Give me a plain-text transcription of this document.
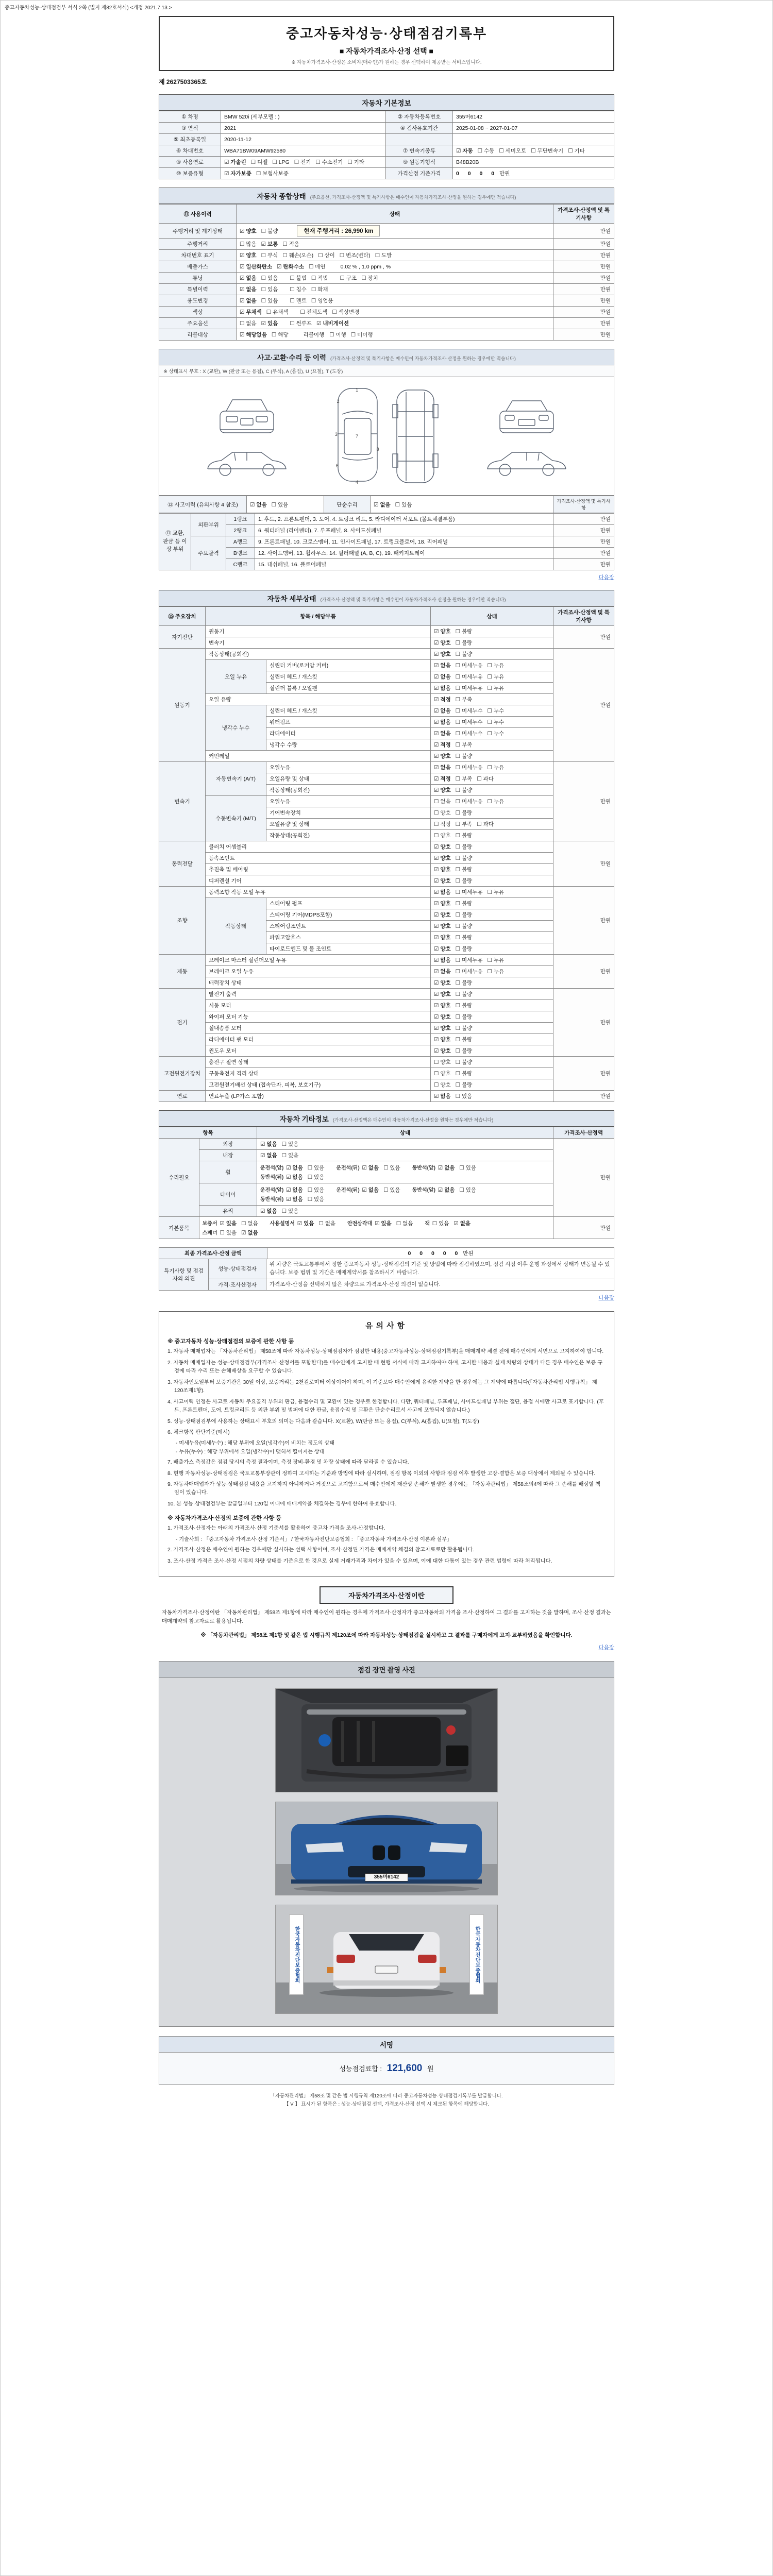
중고자동차성능·상태점검부 서식 2쪽 (별지 제82호서식) <개정 2021.7.13.>
중고자동차성능·상태점검기록부
■ 자동차가격조사·산정 선택 ■
※ 자동차가격조사·산정은 소비자(매수인)가 원하는 경우 선택하여 제공받는 서비스입니다.
제 2627503365호
자동차 기본정보
① 차명	BMW 520i (세부모델 : )	② 자동차등록번호	355머6142
③ 연식	2021	④ 검사유효기간	2025-01-08 ~ 2027-01-07
⑤ 최초등록일	2020-11-12		
⑥ 차대번호	WBA71BW09AMW92580	⑦ 변속기종류	☑ 자동 ☐ 수동 ☐ 세미오토 ☐ 무단변속기 ☐ 기타
⑧ 사용연료	☑ 가솔린 ☐ 디젤 ☐ LPG ☐ 전기 ☐ 수소전기 ☐ 기타	⑨ 원동기형식	B48B20B
⑩ 보증유형	☑ 자가보증 ☐ 보험사보증	가격산정 기준가격	0 0 0 0 만원
자동차 종합상태 (주요옵션, 가격조사·산정액 및 특기사항은 매수인이 자동차가격조사·산정을 원하는 경우에만 적습니다)
⑪ 사용이력	상태	가격조사·산정액 및 특기사항
주행거리 및 계기상태	☑ 양호 ☐ 불량 현재 주행거리 : 26,990 km	만원
주행거리	☐ 많음 ☑ 보통 ☐ 적음	만원
차대번호 표기	☑ 양호 ☐ 부식 ☐ 훼손(오손) ☐ 상이 ☐ 변조(변타) ☐ 도말	만원
배출가스	☑ 일산화탄소 ☑ 탄화수소 ☐ 매연 0.02 % , 1.0 ppm , %	만원
튜닝	☑ 없음 ☐ 있음 ☐ 불법 ☐ 적법 ☐ 구조 ☐ 장치	만원
특별이력	☑ 없음 ☐ 있음 ☐ 침수 ☐ 화재	만원
용도변경	☑ 없음 ☐ 있음 ☐ 렌트 ☐ 영업용	만원
색상	☑ 무채색 ☐ 유채색 ☐ 전체도색 ☐ 색상변경	만원
주요옵션	☐ 없음 ☑ 있음 ☐ 썬루프 ☑ 내비게이션	만원
리콜대상	☑ 해당없음 ☐ 해당 리콜이행 ☐ 이행 ☐ 미이행	만원
사고·교환·수리 등 이력 (가격조사·산정액 및 특기사항은 매수인이 자동차가격조사·산정을 원하는 경우에만 적습니다)
※ 상태표시 부호 : X (교환), W (판금 또는 용접), C (부식), A (흠집), U (요철), T (도장)
1
2
3
4
6
7
8
⑫ 사고이력 (유의사항 4 참조)	☑ 없음 ☐ 있음	단순수리	☑ 없음 ☐ 있음	가격조사·산정액 및 특기사항
⑬ 교환, 판금 등 이상 부위	외판부위	1랭크	1. 후드, 2. 프론트펜더, 3. 도어, 4. 트렁크 리드, 5. 라디에이터 서포트 (볼트체결부품)	만원
		2랭크	6. 쿼터패널 (리어펜더), 7. 루프패널, 8. 사이드실패널	만원
	주요골격	A랭크	9. 프론트패널, 10. 크로스멤버, 11. 인사이드패널, 17. 트렁크플로어, 18. 리어패널	만원
		B랭크	12. 사이드멤버, 13. 휠하우스, 14. 필러패널 (A, B, C), 19. 패키지트레이	만원
		C랭크	15. 대쉬패널, 16. 플로어패널	만원
다음장
자동차 세부상태 (가격조사·산정액 및 특기사항은 매수인이 자동차가격조사·산정을 원하는 경우에만 적습니다)
⑮ 주요장치	항목 / 해당부품		상태	가격조사·산정액 및 특기사항
자기진단	원동기		☑ 양호 ☐ 불량	만원
	변속기		☑ 양호 ☐ 불량	
원동기	작동상태(공회전)		☑ 양호 ☐ 불량	만원
	오일 누유	실린더 커버(로커암 커버)	☑ 없음 ☐ 미세누유 ☐ 누유	
		실린더 헤드 / 개스킷	☑ 없음 ☐ 미세누유 ☐ 누유	
		실린더 블록 / 오일팬	☑ 없음 ☐ 미세누유 ☐ 누유	
	오일 유량		☑ 적정 ☐ 부족	
	냉각수 누수	실린더 헤드 / 개스킷	☑ 없음 ☐ 미세누수 ☐ 누수	
		워터펌프	☑ 없음 ☐ 미세누수 ☐ 누수	
		라디에이터	☑ 없음 ☐ 미세누수 ☐ 누수	
		냉각수 수량	☑ 적정 ☐ 부족	
	커먼레일		☑ 양호 ☐ 불량	
변속기	자동변속기 (A/T)	오일누유	☑ 없음 ☐ 미세누유 ☐ 누유	만원
		오일유량 및 상태	☑ 적정 ☐ 부족 ☐ 과다	
		작동상태(공회전)	☑ 양호 ☐ 불량	
	수동변속기 (M/T)	오일누유	☐ 없음 ☐ 미세누유 ☐ 누유	
		기어변속장치	☐ 양호 ☐ 불량	
		오일유량 및 상태	☐ 적정 ☐ 부족 ☐ 과다	
		작동상태(공회전)	☐ 양호 ☐ 불량	
동력전달	클러치 어셈블리		☑ 양호 ☐ 불량	만원
	등속조인트		☑ 양호 ☐ 불량	
	추진축 및 베어링		☑ 양호 ☐ 불량	
	디퍼렌셜 기어		☑ 양호 ☐ 불량	
조향	동력조향 작동 오일 누유		☑ 없음 ☐ 미세누유 ☐ 누유	만원
	작동상태	스티어링 펌프	☑ 양호 ☐ 불량	
		스티어링 기어(MDPS포함)	☑ 양호 ☐ 불량	
		스티어링조인트	☑ 양호 ☐ 불량	
		파워고압호스	☑ 양호 ☐ 불량	
		타이로드엔드 및 볼 조인트	☑ 양호 ☐ 불량	
제동	브레이크 마스터 실린더오일 누유		☑ 없음 ☐ 미세누유 ☐ 누유	만원
	브레이크 오일 누유		☑ 없음 ☐ 미세누유 ☐ 누유	
	배력장치 상태		☑ 양호 ☐ 불량	
전기	발전기 출력		☑ 양호 ☐ 불량	만원
	시동 모터		☑ 양호 ☐ 불량	
	와이퍼 모터 기능		☑ 양호 ☐ 불량	
	실내송풍 모터		☑ 양호 ☐ 불량	
	라디에이터 팬 모터		☑ 양호 ☐ 불량	
	윈도우 모터		☑ 양호 ☐ 불량	
고전원전기장치	충전구 절연 상태		☐ 양호 ☐ 불량	만원
	구동축전지 격리 상태		☐ 양호 ☐ 불량	
	고전원전기배선 상태 (접속단자, 피복, 보호기구)		☐ 양호 ☐ 불량	
연료	연료누출 (LP가스 포함)		☑ 없음 ☐ 있음	만원
자동차 기타정보 (가격조사·산정액은 매수인이 자동차가격조사·산정을 원하는 경우에만 적습니다)
항목		상태	가격조사·산정액
수리필요	외장	☑ 없음 ☐ 있음	만원
	내장	☑ 없음 ☐ 있음	
	휠	운전석(앞) ☑ 없음 ☐ 있음 운전석(뒤) ☑ 없음 ☐ 있음 동반석(앞) ☑ 없음 ☐ 있음동반석(뒤) ☑ 없음 ☐ 있음	
	타이어	운전석(앞) ☑ 없음 ☐ 있음 운전석(뒤) ☑ 없음 ☐ 있음 동반석(앞) ☑ 없음 ☐ 있음동반석(뒤) ☑ 없음 ☐ 있음	
	유리	☑ 없음 ☐ 있음	
기본품목	보증서 ☑ 있음 ☐ 없음 사용설명서 ☑ 있음 ☐ 없음 안전삼각대 ☑ 있음 ☐ 없음 잭 ☐ 있음 ☑ 없음스패너 ☐ 있음 ☑ 없음		만원
최종 가격조사·산정 금액	0 0 0 0 0 만원
특기사항 및 점검자의 의견	성능·상태점검자	위 차량은 국토교통부에서 정한 중고자동차 성능·상태점검의 기준 및 방법에 따라 점검하였으며, 점검 시점 이후 운행 과정에서 상태가 변동될 수 있습니다. 보증 범위 및 기간은 매매계약서를 참조하시기 바랍니다.
	가격·조사산정자	가격조사·산정을 선택하지 않은 차량으로 가격조사·산정 의견이 없습니다.
다음장
유의사항
※ 중고자동차 성능·상태점검의 보증에 관한 사항 등

1. 자동차 매매업자는 「자동차관리법」 제58조에 따라 자동차성능·상태점검자가 점검한 내용(중고자동차성능·상태점검기록부)을 매매계약 체결 전에 매수인에게 서면으로 고지하여야 합니다.

2. 자동차 매매업자는 성능·상태점검부(가격조사·산정서를 포함한다)를 매수인에게 고지할 때 현행 서식에 따라 고지하여야 하며, 고지한 내용과 실제 차량의 상태가 다른 경우 매수인은 보증 규정에 따라 수리 또는 손해배상을 요구할 수 있습니다.

3. 자동차인도일부터 보증기간은 30일 이상, 보증거리는 2천킬로미터 이상이어야 하며, 이 기준보다 매수인에게 유리한 계약을 한 경우에는 그 계약에 따릅니다(「자동차관리법 시행규칙」 제120조제1항).

4. 사고이력 인정은 사고로 자동차 주요골격 부위의 판금, 용접수리 및 교환이 있는 경우로 한정합니다. 다만, 쿼터패널, 루프패널, 사이드실패널 부위는 절단, 용접 시에만 사고로 표기합니다. (후드, 프론트펜더, 도어, 트렁크리드 등 외판 부위 및 범퍼에 대한 판금, 용접수리 및 교환은 단순수리로서 사고에 포함되지 않습니다.)

5. 성능·상태점검부에 사용하는 상태표시 부호의 의미는 다음과 같습니다. X(교환), W(판금 또는 용접), C(부식), A(흠집), U(요철), T(도장)

6. 체크항목 판단기준(예시)

- 미세누유(미세누수) : 해당 부위에 오일(냉각수)이 비치는 정도의 상태

- 누유(누수) : 해당 부위에서 오일(냉각수)이 맺혀서 떨어지는 상태

7. 배출가스 측정값은 점검 당시의 측정 결과이며, 측정 장비·환경 및 차량 상태에 따라 달라질 수 있습니다.

8. 현행 자동차성능·상태점검은 국토교통부장관이 정하여 고시하는 기준과 방법에 따라 실시하며, 점검 항목 이외의 사항과 점검 이후 발생한 고장·결함은 보증 대상에서 제외될 수 있습니다.

9. 자동차매매업자가 성능·상태점검 내용을 고지하지 아니하거나 거짓으로 고지함으로써 매수인에게 재산상 손해가 발생한 경우에는 「자동차관리법」 제58조의4에 따라 그 손해를 배상할 책임이 있습니다.

10. 본 성능·상태점검부는 발급일부터 120일 이내에 매매계약을 체결하는 경우에 한하여 유효합니다.

※ 자동차가격조사·산정의 보증에 관한 사항 등

1. 가격조사·산정자는 아래의 가격조사·산정 기준서를 활용하여 중고차 가격을 조사·산정합니다.

- 기술사회 : 「중고자동차 가격조사·산정 기준서」 / 한국자동차진단보증협회 : 「중고자동차 가격조사·산정 이론과 실무」

2. 가격조사·산정은 매수인이 원하는 경우에만 실시하는 선택 사항이며, 조사·산정된 가격은 매매계약 체결의 참고자료로만 활용됩니다.

3. 조사·산정 가격은 조사·산정 시점의 차량 상태를 기준으로 한 것으로 실제 거래가격과 차이가 있을 수 있으며, 이에 대한 다툼이 있는 경우 관련 법령에 따라 처리됩니다.

자동차가격조사·산정이란

자동차가격조사·산정이란 「자동차관리법」 제58조 제1항에 따라 매수인이 원하는 경우에 가격조사·산정자가 중고자동차의 가격을 조사·산정하여 그 결과를 고지하는 것을 말하며, 조사·산정 결과는 매매계약의 참고자료로 활용됩니다.

※ 「자동차관리법」 제58조 제1항 및 같은 법 시행규칙 제120조에 따라 자동차성능·상태점검을 실시하고 그 결과를 구매자에게 고지·교부하였음을 확인합니다.

다음장
점검 장면 촬영 사진
355머6142
한국자동차진단보증협회	한국자동차진단보증협회
서명
성능점검료합 : 121,600 원
「자동차관리법」 제58조 및 같은 법 시행규칙 제120조에 따라 중고자동차성능·상태점검기록부를 발급합니다.
【 V 】 표시가 된 항목은 : 성능·상태점검 선택, 가격조사·산정 선택 시 체크된 항목에 해당합니다.
